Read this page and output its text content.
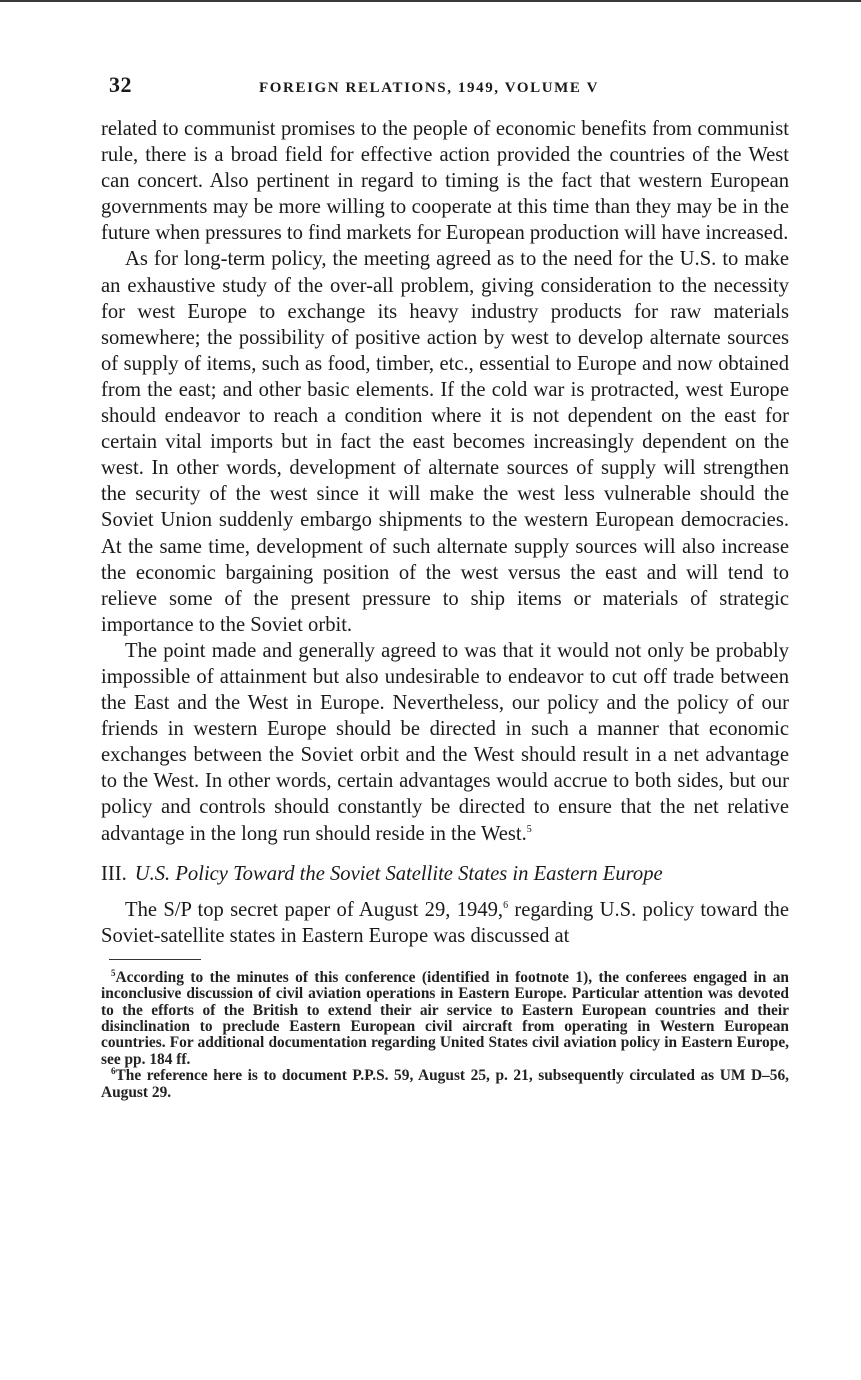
32	FOREIGN RELATIONS, 1949, VOLUME V

related to communist promises to the people of economic benefits from communist rule, there is a broad field for effective action provided the countries of the West can concert. Also pertinent in regard to timing is the fact that western European governments may be more willing to cooperate at this time than they may be in the future when pressures to find markets for European production will have increased.

As for long-term policy, the meeting agreed as to the need for the U.S. to make an exhaustive study of the over-all problem, giving consideration to the necessity for west Europe to exchange its heavy industry products for raw materials somewhere; the possibility of positive action by west to develop alternate sources of supply of items, such as food, timber, etc., essential to Europe and now obtained from the east; and other basic elements. If the cold war is protracted, west Europe should endeavor to reach a condition where it is not dependent on the east for certain vital imports but in fact the east becomes increasingly dependent on the west. In other words, development of alternate sources of supply will strengthen the security of the west since it will make the west less vulnerable should the Soviet Union suddenly embargo shipments to the western European democracies. At the same time, development of such alternate supply sources will also increase the economic bargaining position of the west versus the east and will tend to relieve some of the present pressure to ship items or materials of strategic importance to the Soviet orbit.

The point made and generally agreed to was that it would not only be probably impossible of attainment but also undesirable to endeavor to cut off trade between the East and the West in Europe. Nevertheless, our policy and the policy of our friends in western Europe should be directed in such a manner that economic exchanges between the Soviet orbit and the West should result in a net advantage to the West. In other words, certain advantages would accrue to both sides, but our policy and controls should constantly be directed to ensure that the net relative advantage in the long run should reside in the West.$^5$

III. U.S. Policy Toward the Soviet Satellite States in Eastern Europe

The S/P top secret paper of August 29, 1949,$^6$ regarding U.S. policy toward the Soviet-satellite states in Eastern Europe was discussed at

$^5$According to the minutes of this conference (identified in footnote 1), the conferees engaged in an inconclusive discussion of civil aviation operations in Eastern Europe. Particular attention was devoted to the efforts of the British to extend their air service to Eastern European countries and their disinclination to preclude Eastern European civil aircraft from operating in Western European countries. For additional documentation regarding United States civil aviation policy in Eastern Europe, see pp. 184 ff.

$^6$The reference here is to document P.P.S. 59, August 25, p. 21, subsequently circulated as UM D–56, August 29.
